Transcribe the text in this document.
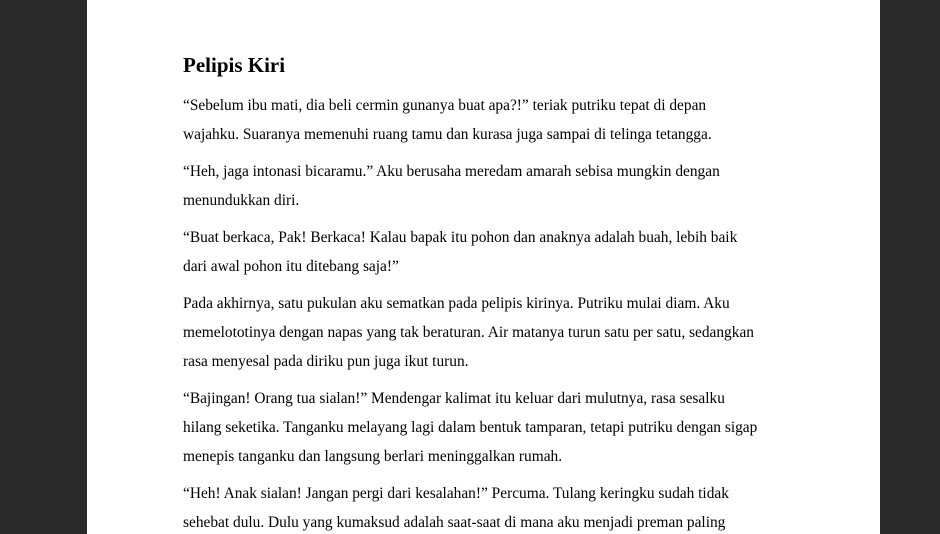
Pelipis Kiri

“Sebelum ibu mati, dia beli cermin gunanya buat apa?!” teriak putriku tepat di depan
wajahku. Suaranya memenuhi ruang tamu dan kurasa juga sampai di telinga tetangga.

“Heh, jaga intonasi bicaramu.” Aku berusaha meredam amarah sebisa mungkin dengan
menundukkan diri.

“Buat berkaca, Pak! Berkaca! Kalau bapak itu pohon dan anaknya adalah buah, lebih baik
dari awal pohon itu ditebang saja!”

Pada akhirnya, satu pukulan aku sematkan pada pelipis kirinya. Putriku mulai diam. Aku
memelototinya dengan napas yang tak beraturan. Air matanya turun satu per satu, sedangkan
rasa menyesal pada diriku pun juga ikut turun.

“Bajingan! Orang tua sialan!” Mendengar kalimat itu keluar dari mulutnya, rasa sesalku
hilang seketika. Tanganku melayang lagi dalam bentuk tamparan, tetapi putriku dengan sigap
menepis tanganku dan langsung berlari meninggalkan rumah.

“Heh! Anak sialan! Jangan pergi dari kesalahan!” Percuma. Tulang keringku sudah tidak
sehebat dulu. Dulu yang kumaksud adalah saat-saat di mana aku menjadi preman paling
